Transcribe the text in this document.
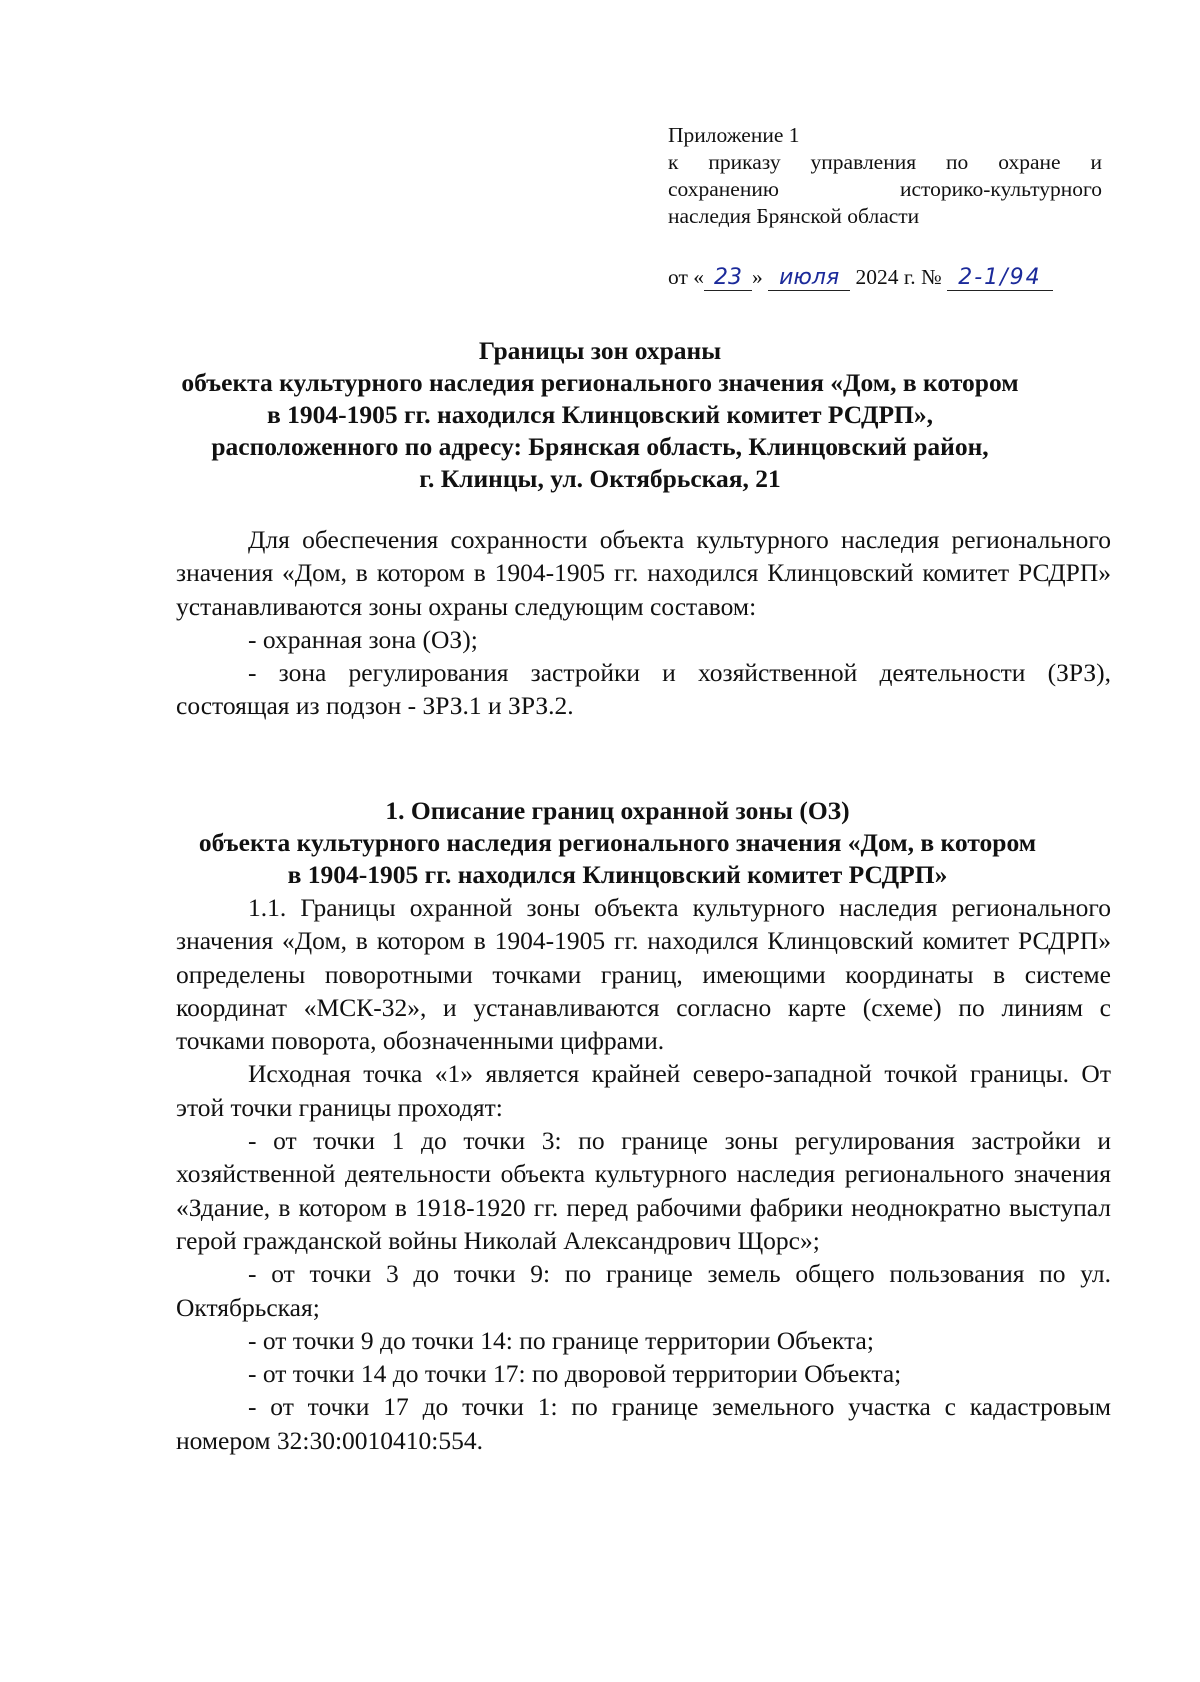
Приложение 1
к приказу управления по охране и
сохранению историко-культурного
наследия Брянской области
от « 23 » июля 2024 г. № 2-1/94
Границы зон охраны
объекта культурного наследия регионального значения «Дом, в котором
в 1904-1905 гг. находился Клинцовский комитет РСДРП»,
расположенного по адресу: Брянская область, Клинцовский район,
г. Клинцы, ул. Октябрьская, 21

Для обеспечения сохранности объекта культурного наследия регионального значения «Дом, в котором в 1904-1905 гг. находился Клинцовский комитет РСДРП» устанавливаются зоны охраны следующим составом:

- охранная зона (ОЗ);

- зона регулирования застройки и хозяйственной деятельности (ЗРЗ), состоящая из подзон - ЗРЗ.1 и ЗРЗ.2.

1. Описание границ охранной зоны (ОЗ)
объекта культурного наследия регионального значения «Дом, в котором
в 1904-1905 гг. находился Клинцовский комитет РСДРП»

1.1. Границы охранной зоны объекта культурного наследия регионального значения «Дом, в котором в 1904-1905 гг. находился Клинцовский комитет РСДРП» определены поворотными точками границ, имеющими координаты в системе координат «МСК-32», и устанавливаются согласно карте (схеме) по линиям с точками поворота, обозначенными цифрами.

Исходная точка «1» является крайней северо-западной точкой границы. От этой точки границы проходят:

- от точки 1 до точки 3: по границе зоны регулирования застройки и хозяйственной деятельности объекта культурного наследия регионального значения «Здание, в котором в 1918-1920 гг. перед рабочими фабрики неоднократно выступал герой гражданской войны Николай Александрович Щорс»;

- от точки 3 до точки 9: по границе земель общего пользования по ул. Октябрьская;

- от точки 9 до точки 14: по границе территории Объекта;

- от точки 14 до точки 17: по дворовой территории Объекта;

- от точки 17 до точки 1: по границе земельного участка с кадастровым номером 32:30:0010410:554.
